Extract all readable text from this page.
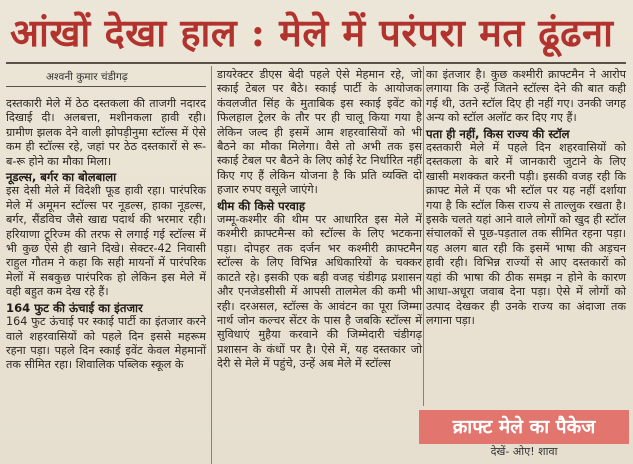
आंखों देखा हाल : मेले में परंपरा मत ढूंढना
अश्वनी कुमार चंडीगढ़

दस्तकारी मेले में ठेठ दस्तकला की ताजगी नदारद दिखाई दी। अलबत्ता, मशीनकला हावी रही। ग्रामीण झलक देने वाली झोपड़ीनुमा स्टॉल्स में ऐसे कम ही स्टॉल्स रहे, जहां पर ठेठ दस्तकारों से रू-ब-रू होने का मौका मिला।

नूडल्स, बर्गर का बोलबाला

इस देसी मेले में विदेशी फूड हावी रहा। पारंपरिक मेले में अमूमन स्टॉल्स पर नूडल्स, हाका नूडल्स, बर्गर, सैंडविच जैसे खाद्य पदार्थ की भरमार रही। हरियाणा टूरिज्म की तरफ से लगाई गई स्टॉल्स में भी कुछ ऐसे ही खाने दिखे। सेक्टर-42 निवासी राहुल गौतम ने कहा कि सही मायनों में पारंपरिक मेलों में सबकुछ पारंपरिक हो लेकिन इस मेले में वही बहुत कम देख रहे हैं।

164 फुट की ऊंचाई का इंतजार

164 फुट ऊंचाई पर स्काई पार्टी का इंतजार करने वाले शहरवासियों को पहले दिन इससे महरूम रहना पड़ा। पहले दिन स्काई इवेंट केवल मेहमानों तक सीमित रहा। शिवालिक पब्लिक स्कूल के

डायरेक्टर डीएस बेदी पहले ऐसे मेहमान रहे, जो स्काई टेबल पर बैठे। स्काई पार्टी के आयोजक कंवलजीत सिंह के मुताबिक इस स्काई इवेंट को फिलहाल ट्रेलर के तौर पर ही चालू किया गया है लेकिन जल्द ही इसमें आम शहरवासियों को भी बैठने का मौका मिलेगा। वैसे तो अभी तक इस स्काई टेबल पर बैठने के लिए कोई रेट निर्धारित नहीं किए गए हैं लेकिन योजना है कि प्रति व्यक्ति दो हजार रुपए वसूले जाएंगे।

थीम की किसे परवाह

जम्मू-कश्मीर की थीम पर आधारित इस मेले में कश्मीरी क्राफ्टमैन्स को स्टॉल्स के लिए भटकना पड़ा। दोपहर तक दर्जन भर कश्मीरी क्राफ्टमैन स्टॉल्स के लिए विभिन्न अधिकारियों के चक्कर काटते रहे। इसकी एक बड़ी वजह चंडीगढ़ प्रशासन और एनजेडसीसी में आपसी तालमेल की कमी भी रही। दरअसल, स्टॉल्स के आवंटन का पूरा जिम्मा नार्थ जोन कल्चर सेंटर के पास है जबकि स्टॉल्स में सुविधाएं मुहैया करवाने की जिम्मेदारी चंडीगढ़ प्रशासन के कंधों पर है। ऐसे में, यह दस्तकार जो देरी से मेले में पहुंचे, उन्हें अब मेले में स्टॉल्स

का इंतजार है। कुछ कश्मीरी क्राफ्टमैन ने आरोप लगाया कि उन्हें जितने स्टॉल्स देने की बात कही गई थी, उतने स्टॉल दिए ही नहीं गए। उनकी जगह अन्य को स्टॉल अलॉट कर दिए गए हैं।

पता ही नहीं, किस राज्य की स्टॉल

दस्तकारी मेले में पहले दिन शहरवासियों को दस्तकला के बारे में जानकारी जुटाने के लिए खासी मशक्कत करनी पड़ी। इसकी वजह रही कि क्राफ्ट मेले में एक भी स्टॉल पर यह नहीं दर्शाया गया है कि स्टॉल किस राज्य से ताल्लुक रखता है। इसके चलते यहां आने वाले लोगों को खुद ही स्टॉल संचालकों से पूछ-पड़ताल तक सीमित रहना पड़ा। यह अलग बात रही कि इसमें भाषा की अड़चन हावी रही। विभिन्न राज्यों से आए दस्तकारों को यहां की भाषा की ठीक समझ न होने के कारण आधा-अधूरा जवाब देना पड़ा। ऐसे में लोगों को उत्पाद देखकर ही उनके राज्य का अंदाजा तक लगाना पड़ा।

क्राफ्ट मेले का पैकेज
देखें- ओए! शावा
